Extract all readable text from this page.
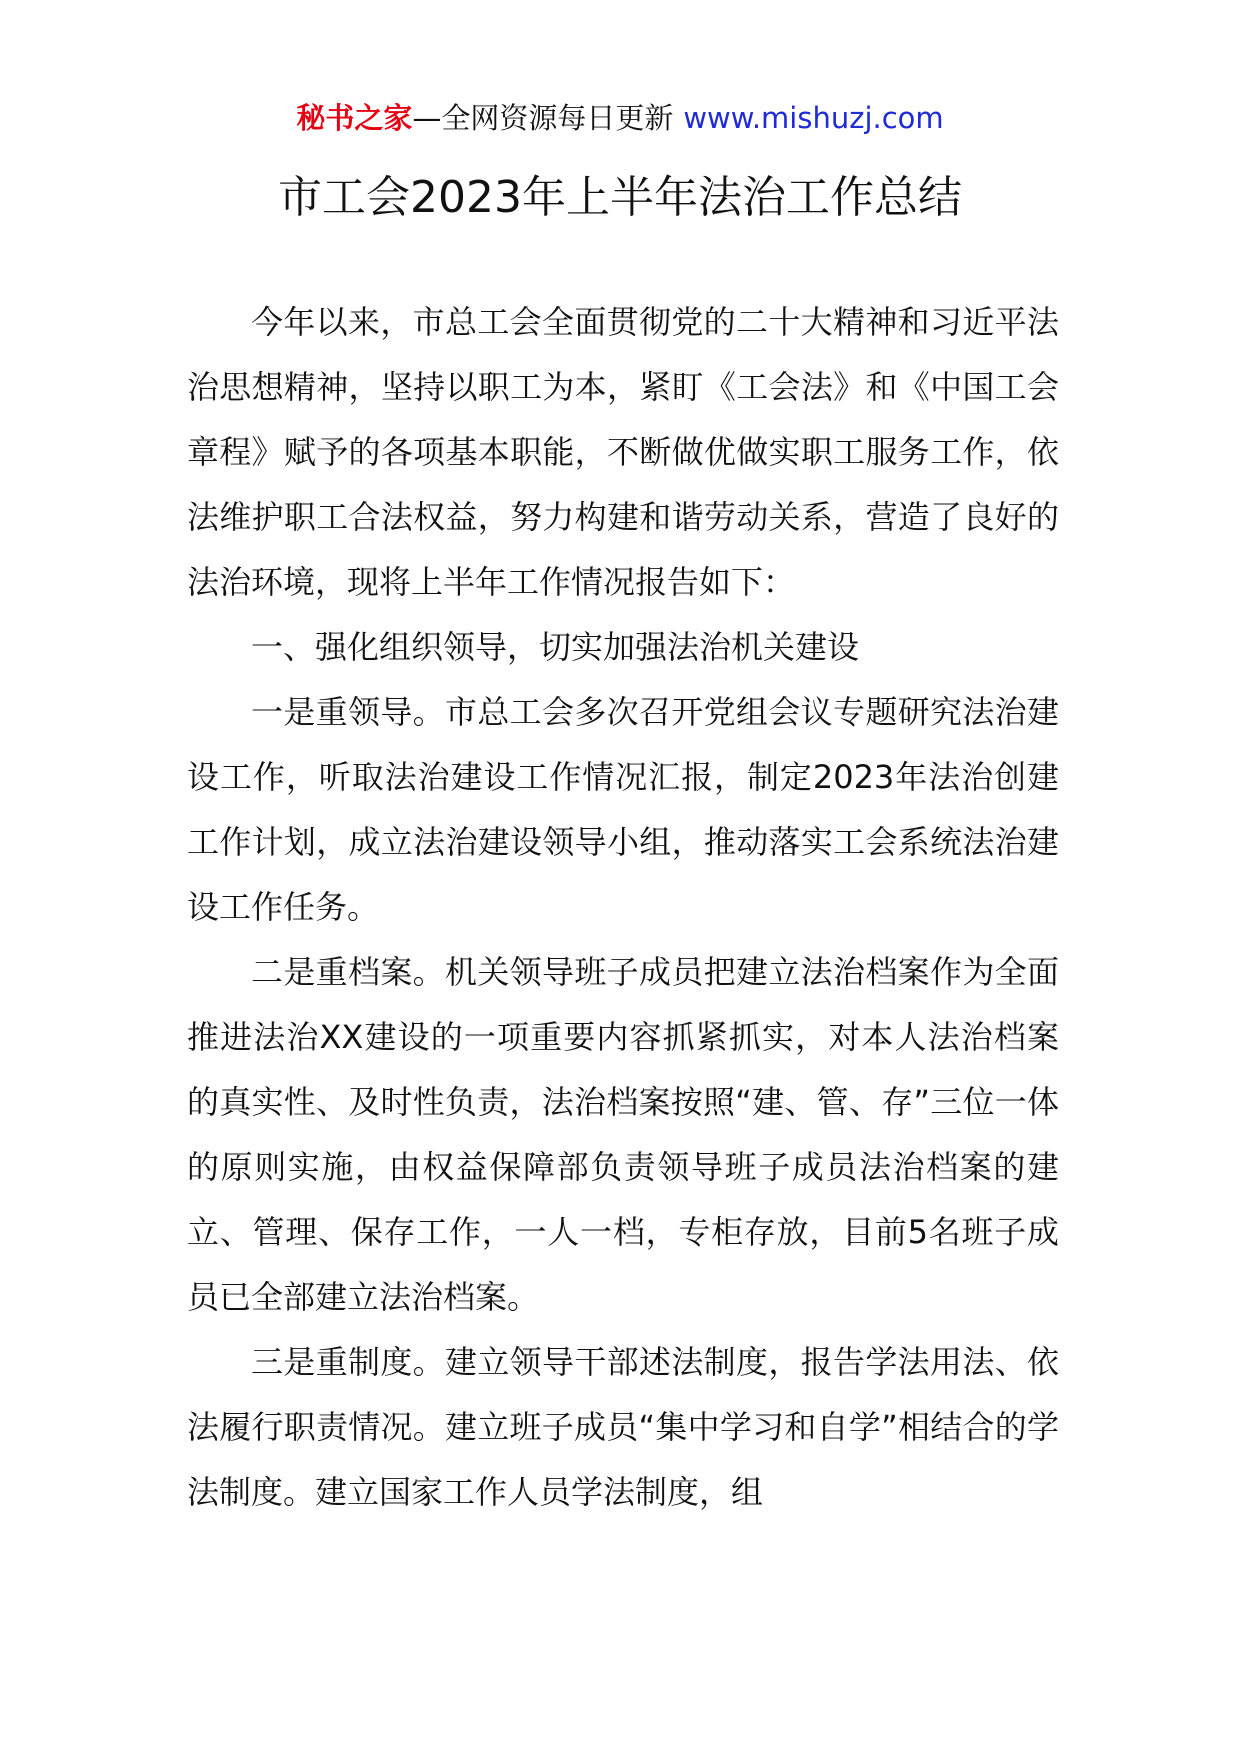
秘书之家—全网资源每日更新 www.mishuzj.com
市工会2023年上半年法治工作总结

今年以来，市总工会全面贯彻党的二十大精神和习近平法治思想精神，坚持以职工为本，紧盯《工会法》和《中国工会章程》赋予的各项基本职能，不断做优做实职工服务工作，依法维护职工合法权益，努力构建和谐劳动关系，营造了良好的法治环境，现将上半年工作情况报告如下：

一、强化组织领导，切实加强法治机关建设

一是重领导。市总工会多次召开党组会议专题研究法治建设工作，听取法治建设工作情况汇报，制定2023年法治创建工作计划，成立法治建设领导小组，推动落实工会系统法治建设工作任务。

二是重档案。机关领导班子成员把建立法治档案作为全面推进法治XX建设的一项重要内容抓紧抓实，对本人法治档案的真实性、及时性负责，法治档案按照“建、管、存”三位一体的原则实施，由权益保障部负责领导班子成员法治档案的建立、管理、保存工作，一人一档，专柜存放，目前5名班子成员已全部建立法治档案。

三是重制度。建立领导干部述法制度，报告学法用法、依法履行职责情况。建立班子成员“集中学习和自学”相结合的学法制度。建立国家工作人员学法制度，组
